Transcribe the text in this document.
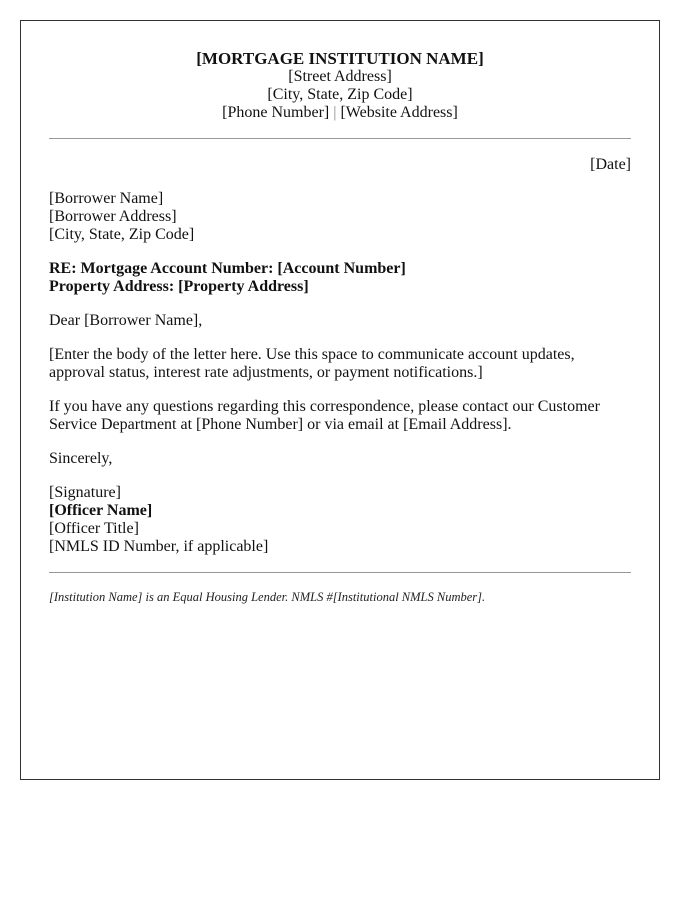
[MORTGAGE INSTITUTION NAME]
[Street Address]
[City, State, Zip Code]
[Phone Number] | [Website Address]
[Date]
[Borrower Name]
[Borrower Address]
[City, State, Zip Code]
RE: Mortgage Account Number: [Account Number]
Property Address: [Property Address]

Dear [Borrower Name],

[Enter the body of the letter here. Use this space to communicate account updates, approval status, interest rate adjustments, or payment notifications.]

If you have any questions regarding this correspondence, please contact our Customer Service Department at [Phone Number] or via email at [Email Address].

Sincerely,

[Signature]
[Officer Name]
[Officer Title]
[NMLS ID Number, if applicable]
[Institution Name] is an Equal Housing Lender. NMLS #[Institutional NMLS Number].
